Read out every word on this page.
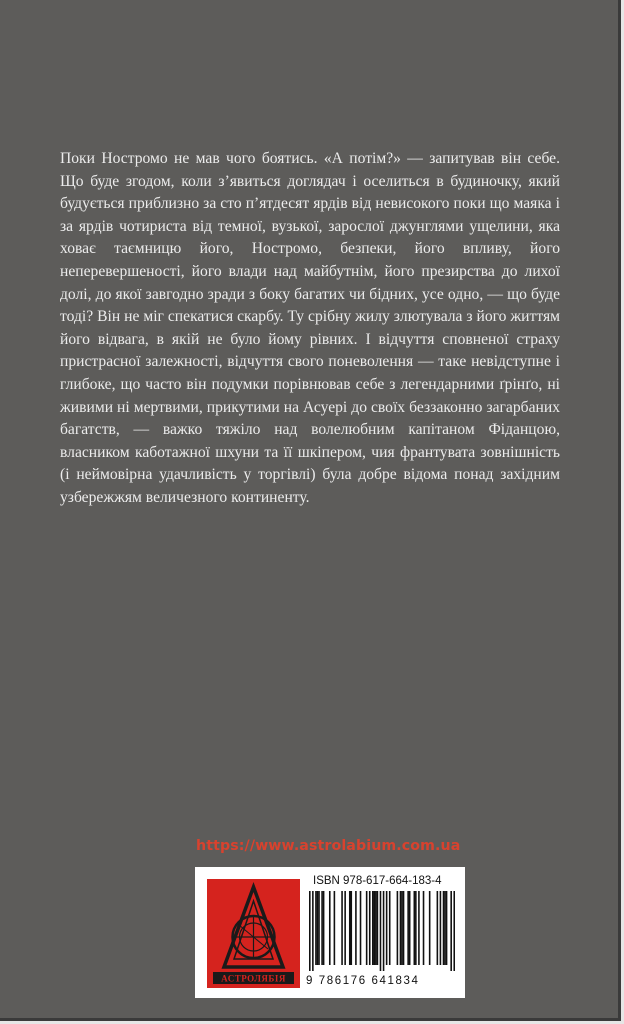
Поки Ностромо не мав чого боятись. «А потім?» — запитував він себе. Що буде згодом, коли з’явиться доглядач і оселиться в будиночку, який будується приблизно за сто п’ятдесят ярдів від невисокого поки що маяка і за ярдів чотириста від темної, вузької, зарослої джунглями ущелини, яка ховає таємницю його, Ностромо, безпеки, його впливу, його неперевершеності, його влади над майбутнім, його презирства до лихої долі, до якої завгодно зради з боку багатих чи бідних, усе одно, — що буде тоді? Він не міг спекатися скарбу. Ту срібну жилу злютувала з його життям його відвага, в якій не було йому рівних. І відчуття сповненої страху пристрасної залежності, відчуття свого поневолення — таке невідступне і глибоке, що часто він подумки порівнював себе з легендарними ґрінґо, ні живими ні мертвими, прикутими на Асуері до своїх беззаконно загарбаних багатств, — важко тяжіло над волелюбним капітаном Фіданцою, власником каботажної шхуни та її шкіпером, чия франтувата зовнішність (і неймовірна удачливість у торгівлі) була добре відома понад західним узбережжям величезного континенту.

https://www.astrolabium.com.ua
АСТРОЛЯБІЯ
ISBN 978-617-664-183-4
9 786176 641834
